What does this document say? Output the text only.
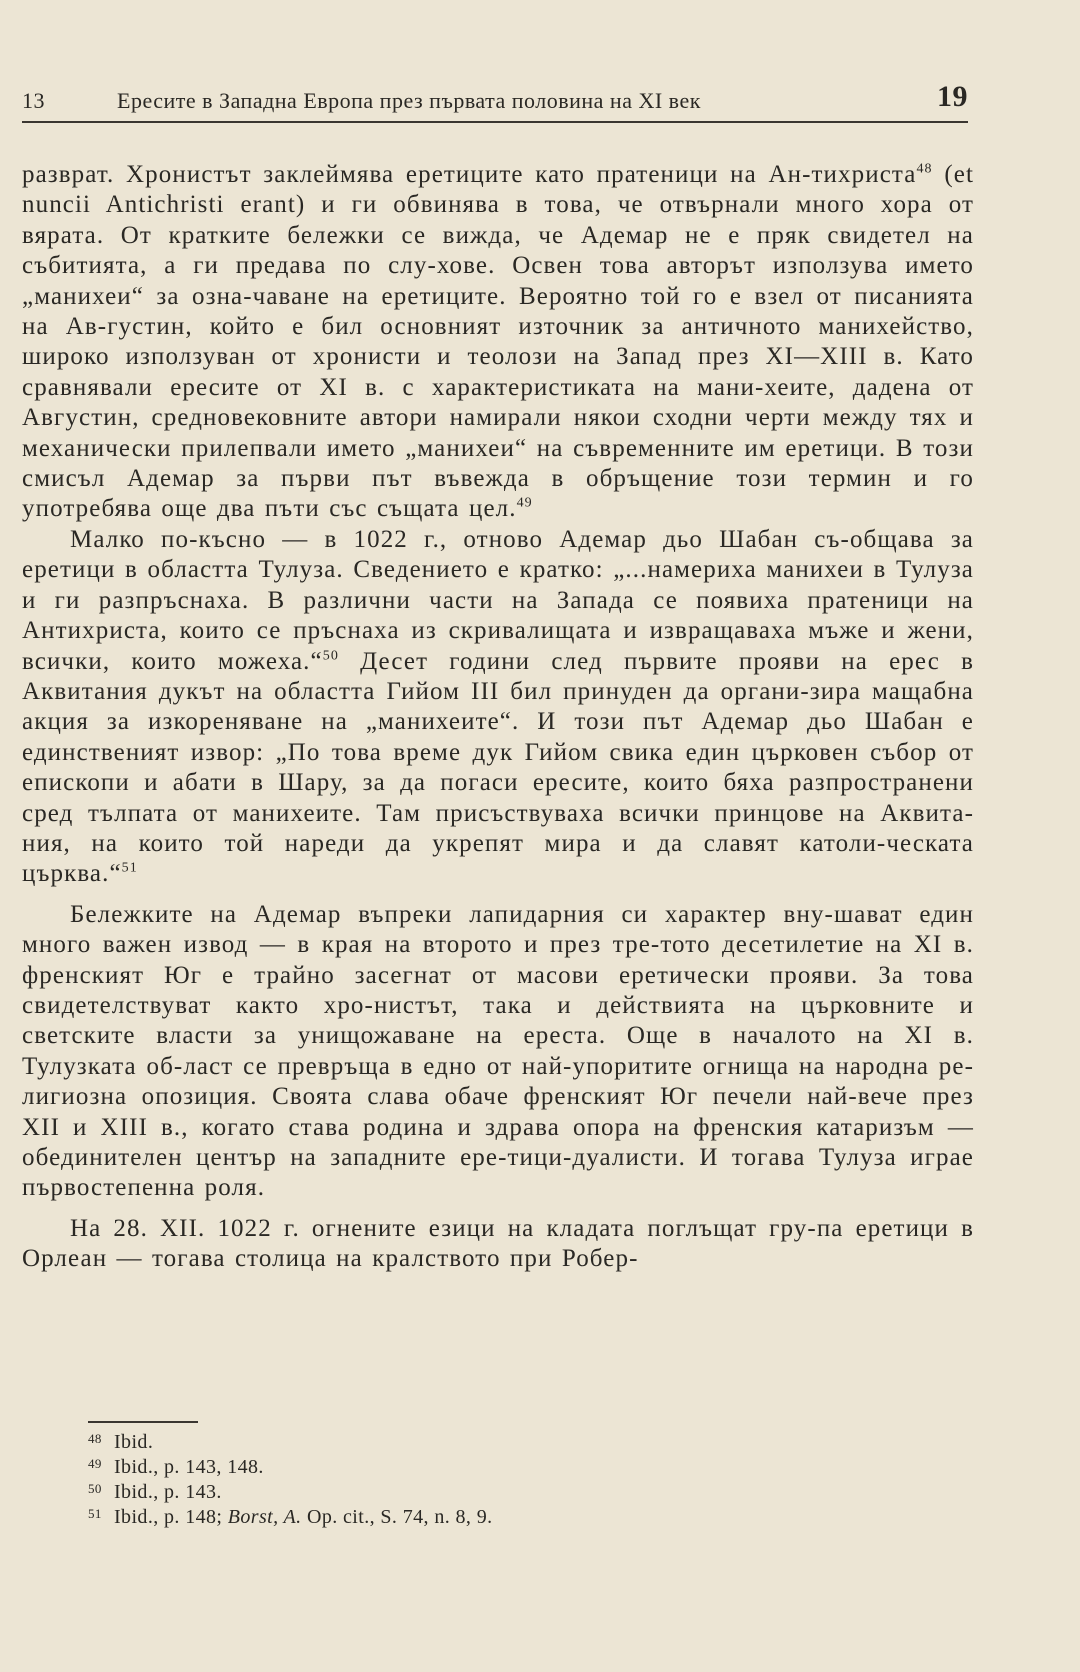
13	Ересите в Западна Европа през първата половина на XI век	19

разврат. Хронистът заклеймява еретиците като пратеници на Ан-тихриста$^{48}$ (et nuncii Antichristi erant) и ги обвинява в това, че отвърнали много хора от вярата. От кратките бележки се вижда, че Адемар не е пряк свидетел на събитията, а ги предава по слу-хове. Освен това авторът използува името „манихеи“ за озна-чаване на еретиците. Вероятно той го е взел от писанията на Ав-густин, който е бил основният източник за античното манихейство, широко използуван от хронисти и теолози на Запад през XI—XIII в. Като сравнявали ересите от XI в. с характеристиката на мани-хеите, дадена от Августин, средновековните автори намирали някои сходни черти между тях и механически прилепвали името „манихеи“ на съвременните им еретици. В този смисъл Адемар за първи път въвежда в обръщение този термин и го употребява още два пъти със същата цел.$^{49}$

Малко по-късно — в 1022 г., отново Адемар дьо Шабан съ-общава за еретици в областта Тулуза. Сведението е кратко: „...намериха манихеи в Тулуза и ги разпръснаха. В различни части на Запада се появиха пратеници на Антихриста, които се пръснаха из скривалищата и извращаваха мъже и жени, всички, които можеха.“$^{50}$ Десет години след първите прояви на ерес в Аквитания дукът на областта Гийом III бил принуден да органи-зира мащабна акция за изкореняване на „манихеите“. И този път Адемар дьо Шабан е единственият извор: „По това време дук Гийом свика един църковен събор от епископи и абати в Шару, за да погаси ересите, които бяха разпространени сред тълпата от манихеите. Там присъствуваха всички принцове на Аквита-ния, на които той нареди да укрепят мира и да славят католи-ческата църква.“$^{51}$

Бележките на Адемар въпреки лапидарния си характер вну-шават един много важен извод — в края на второто и през тре-тото десетилетие на XI в. френският Юг е трайно засегнат от масови еретически прояви. За това свидетелствуват както хро-нистът, така и действията на църковните и светските власти за унищожаване на ереста. Още в началото на XI в. Тулузката об-ласт се превръща в едно от най-упоритите огнища на народна ре-лигиозна опозиция. Своята слава обаче френският Юг печели най-вече през XII и XIII в., когато става родина и здрава опора на френския катаризъм — обединителен център на западните ере-тици-дуалисти. И тогава Тулуза играе първостепенна роля.

На 28. XII. 1022 г. огнените езици на кладата поглъщат гру-па еретици в Орлеан — тогава столица на кралството при Робер-

48 Ibid.
49 Ibid., p. 143, 148.
50 Ibid., p. 143.
51 Ibid., p. 148; Borst, A. Op. cit., S. 74, n. 8, 9.
